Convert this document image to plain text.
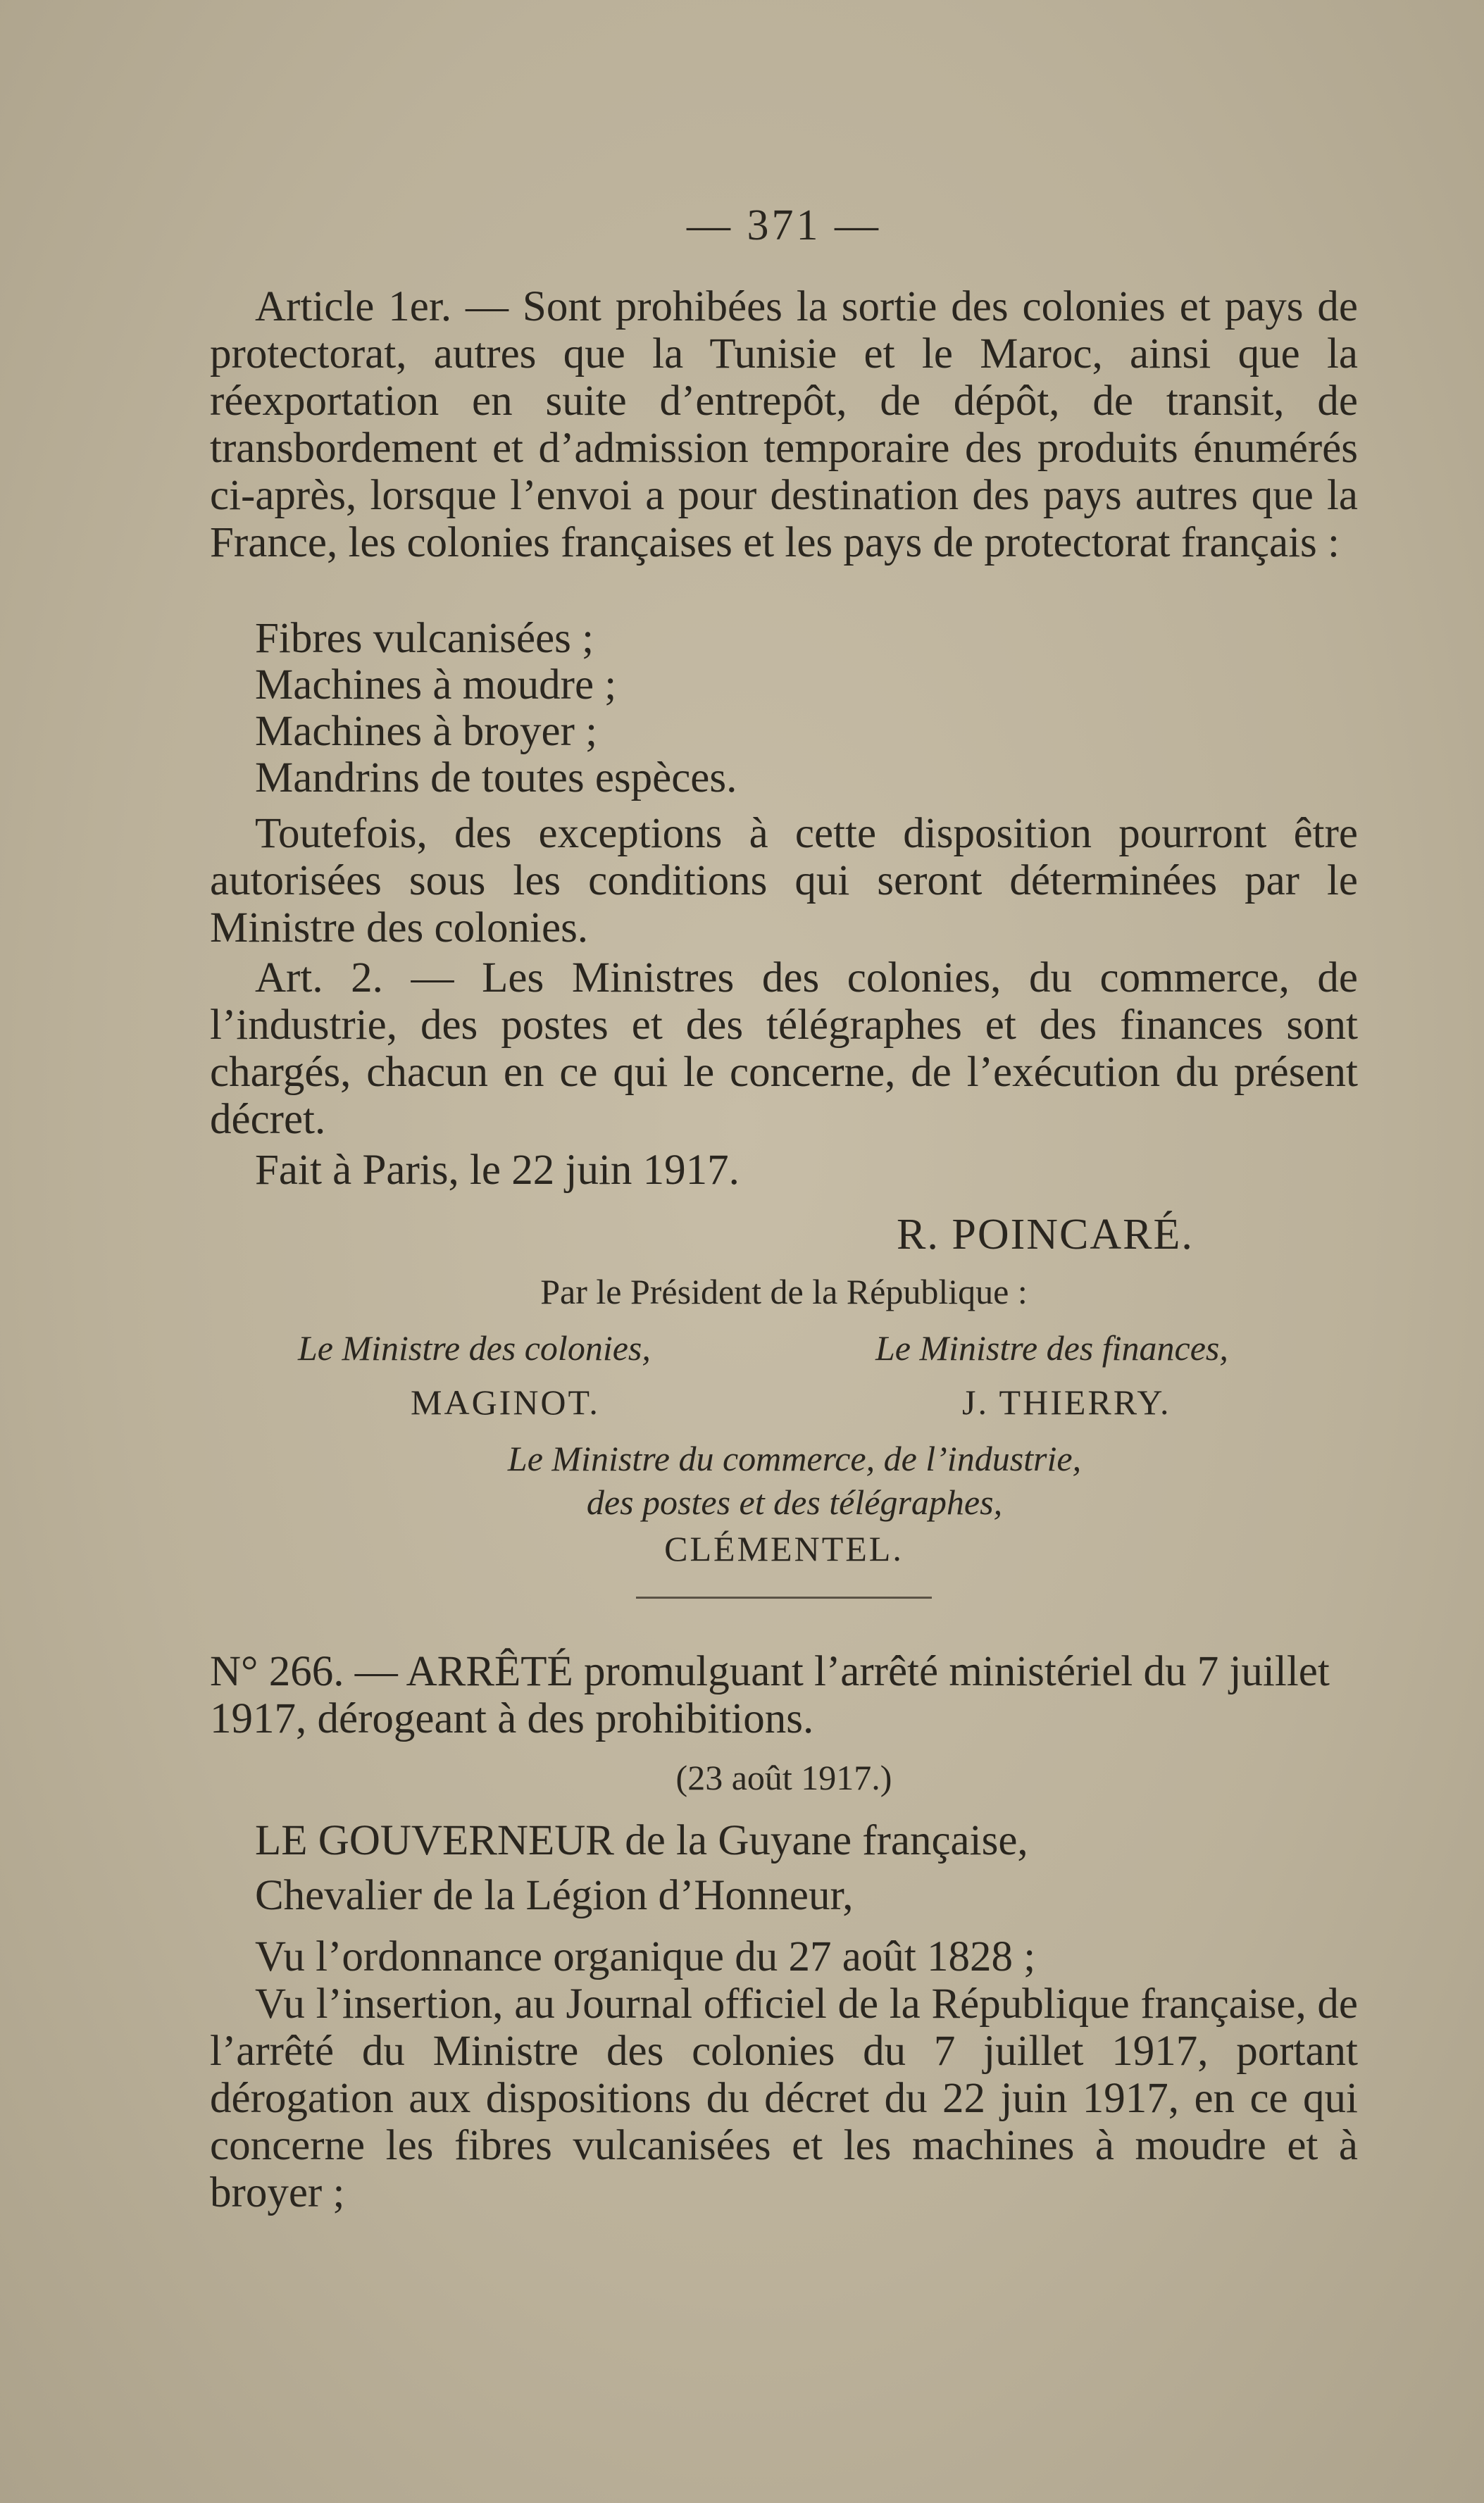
— 371 —

Article 1er. — Sont prohibées la sortie des colonies et pays de protectorat, autres que la Tunisie et le Maroc, ainsi que la réexportation en suite d’entrepôt, de dépôt, de transit, de transbordement et d’admission temporaire des produits énumérés ci-après, lorsque l’envoi a pour destination des pays autres que la France, les colonies françaises et les pays de protectorat français :

Fibres vulcanisées ;
Machines à moudre ;
Machines à broyer ;
Mandrins de toutes espèces.

Toutefois, des exceptions à cette disposition pourront être autorisées sous les conditions qui seront déterminées par le Ministre des colonies.

Art. 2. — Les Ministres des colonies, du commerce, de l’industrie, des postes et des télégraphes et des finances sont chargés, chacun en ce qui le concerne, de l’exécution du présent décret.

Fait à Paris, le 22 juin 1917.

R. POINCARÉ.
Par le Président de la République :
Le Ministre des colonies,	Le Ministre des finances,
MAGINOT.	J. THIERRY.
Le Ministre du commerce, de l’industrie, des postes et des télégraphes,
CLÉMENTEL.

N° 266. — ARRÊTÉ promulguant l’arrêté ministériel du 7 juillet 1917, dérogeant à des prohibitions.

(23 août 1917.)

LE GOUVERNEUR de la Guyane française,

Chevalier de la Légion d’Honneur,

Vu l’ordonnance organique du 27 août 1828 ;

Vu l’insertion, au Journal officiel de la République française, de l’arrêté du Ministre des colonies du 7 juillet 1917, portant dérogation aux dispositions du décret du 22 juin 1917, en ce qui concerne les fibres vulcanisées et les machines à moudre et à broyer ;
